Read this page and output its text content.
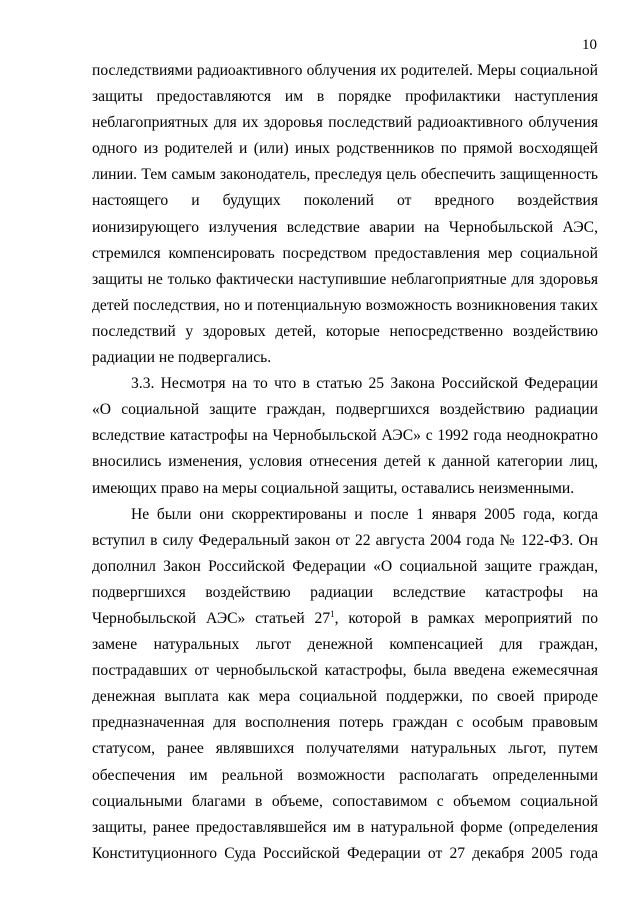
10
последствиями радиоактивного облучения их родителей. Меры социальной
защиты предоставляются им в порядке профилактики наступления
неблагоприятных для их здоровья последствий радиоактивного облучения
одного из родителей и (или) иных родственников по прямой восходящей
линии. Тем самым законодатель, преследуя цель обеспечить защищенность
настоящего и будущих поколений от вредного воздействия
ионизирующего излучения вследствие аварии на Чернобыльской АЭС,
стремился компенсировать посредством предоставления мер социальной
защиты не только фактически наступившие неблагоприятные для здоровья
детей последствия, но и потенциальную возможность возникновения таких
последствий у здоровых детей, которые непосредственно воздействию
радиации не подвергались.
3.3. Несмотря на то что в статью 25 Закона Российской Федерации
«О социальной защите граждан, подвергшихся воздействию радиации
вследствие катастрофы на Чернобыльской АЭС» с 1992 года неоднократно
вносились изменения, условия отнесения детей к данной категории лиц,
имеющих право на меры социальной защиты, оставались неизменными.
Не были они скорректированы и после 1 января 2005 года, когда
вступил в силу Федеральный закон от 22 августа 2004 года № 122-ФЗ. Он
дополнил Закон Российской Федерации «О социальной защите граждан,
подвергшихся воздействию радиации вследствие катастрофы на
Чернобыльской АЭС» статьей $27^1$, которой в рамках мероприятий по
замене натуральных льгот денежной компенсацией для граждан,
пострадавших от чернобыльской катастрофы, была введена ежемесячная
денежная выплата как мера социальной поддержки, по своей природе
предназначенная для восполнения потерь граждан с особым правовым
статусом, ранее являвшихся получателями натуральных льгот, путем
обеспечения им реальной возможности располагать определенными
социальными благами в объеме, сопоставимом с объемом социальной
защиты, ранее предоставлявшейся им в натуральной форме (определения
Конституционного Суда Российской Федерации от 27 декабря 2005 года
